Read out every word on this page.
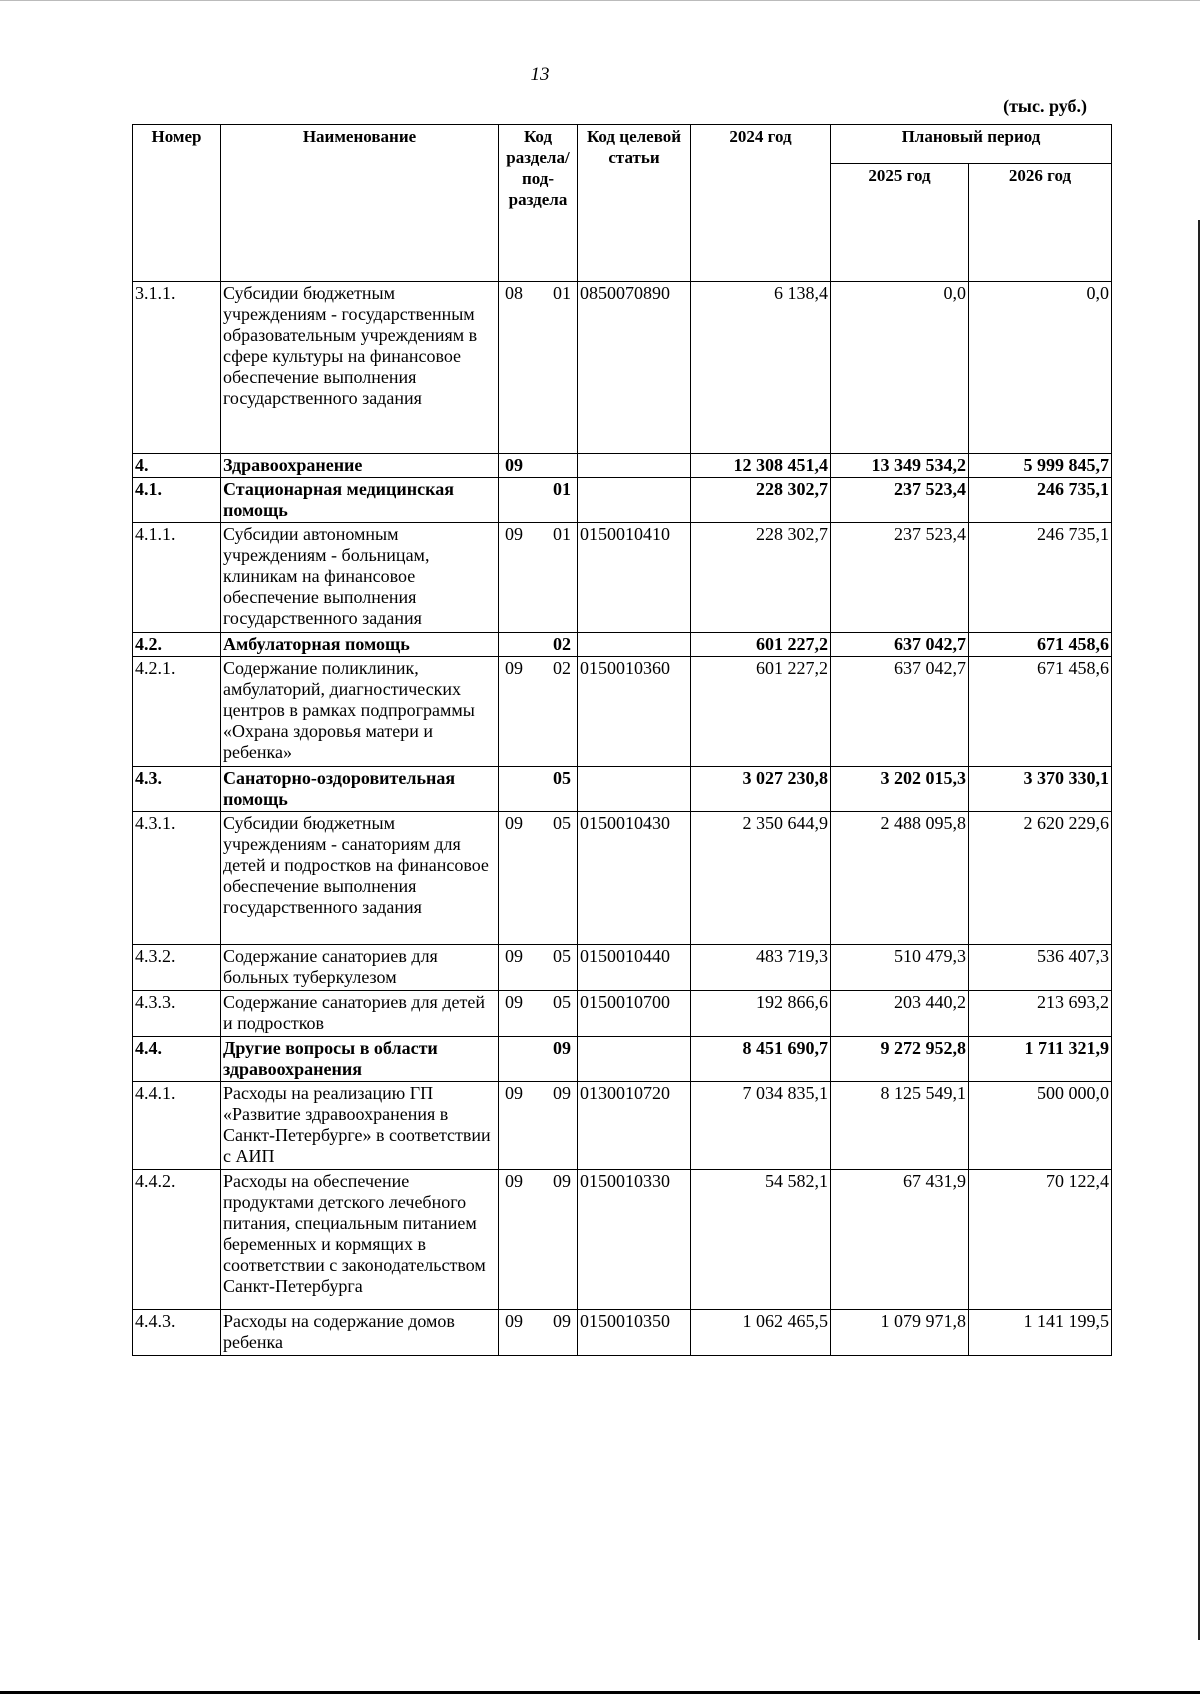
13
(тыс. руб.)
Номер	Наименование	Код раздела/ под- раздела	Код целевой статьи	2024 год	Плановый период	
					2025 год	2026 год
3.1.1.	Субсидии бюджетным учреждениям - государственным образовательным учреждениям в сфере культуры на финансовое обеспечение выполнения государственного задания	08 01	0850070890	6 138,4	0,0	0,0
4.	Здравоохранение	09		12 308 451,4	13 349 534,2	5 999 845,7
4.1.	Стационарная медицинская помощь	01		228 302,7	237 523,4	246 735,1
4.1.1.	Субсидии автономным учреждениям - больницам, клиникам на финансовое обеспечение выполнения государственного задания	09 01	0150010410	228 302,7	237 523,4	246 735,1
4.2.	Амбулаторная помощь	02		601 227,2	637 042,7	671 458,6
4.2.1.	Содержание поликлиник, амбулаторий, диагностических центров в рамках подпрограммы «Охрана здоровья матери и ребенка»	09 02	0150010360	601 227,2	637 042,7	671 458,6
4.3.	Санаторно-оздоровительная помощь	05		3 027 230,8	3 202 015,3	3 370 330,1
4.3.1.	Субсидии бюджетным учреждениям - санаториям для детей и подростков на финансовое обеспечение выполнения государственного задания	09 05	0150010430	2 350 644,9	2 488 095,8	2 620 229,6
4.3.2.	Содержание санаториев для больных туберкулезом	09 05	0150010440	483 719,3	510 479,3	536 407,3
4.3.3.	Содержание санаториев для детей и подростков	09 05	0150010700	192 866,6	203 440,2	213 693,2
4.4.	Другие вопросы в области здравоохранения	09		8 451 690,7	9 272 952,8	1 711 321,9
4.4.1.	Расходы на реализацию ГП «Развитие здравоохранения в Санкт-Петербурге» в соответствии с АИП	09 09	0130010720	7 034 835,1	8 125 549,1	500 000,0
4.4.2.	Расходы на обеспечение продуктами детского лечебного питания, специальным питанием беременных и кормящих в соответствии с законодательством Санкт-Петербурга	09 09	0150010330	54 582,1	67 431,9	70 122,4
4.4.3.	Расходы на содержание домов ребенка	09 09	0150010350	1 062 465,5	1 079 971,8	1 141 199,5
